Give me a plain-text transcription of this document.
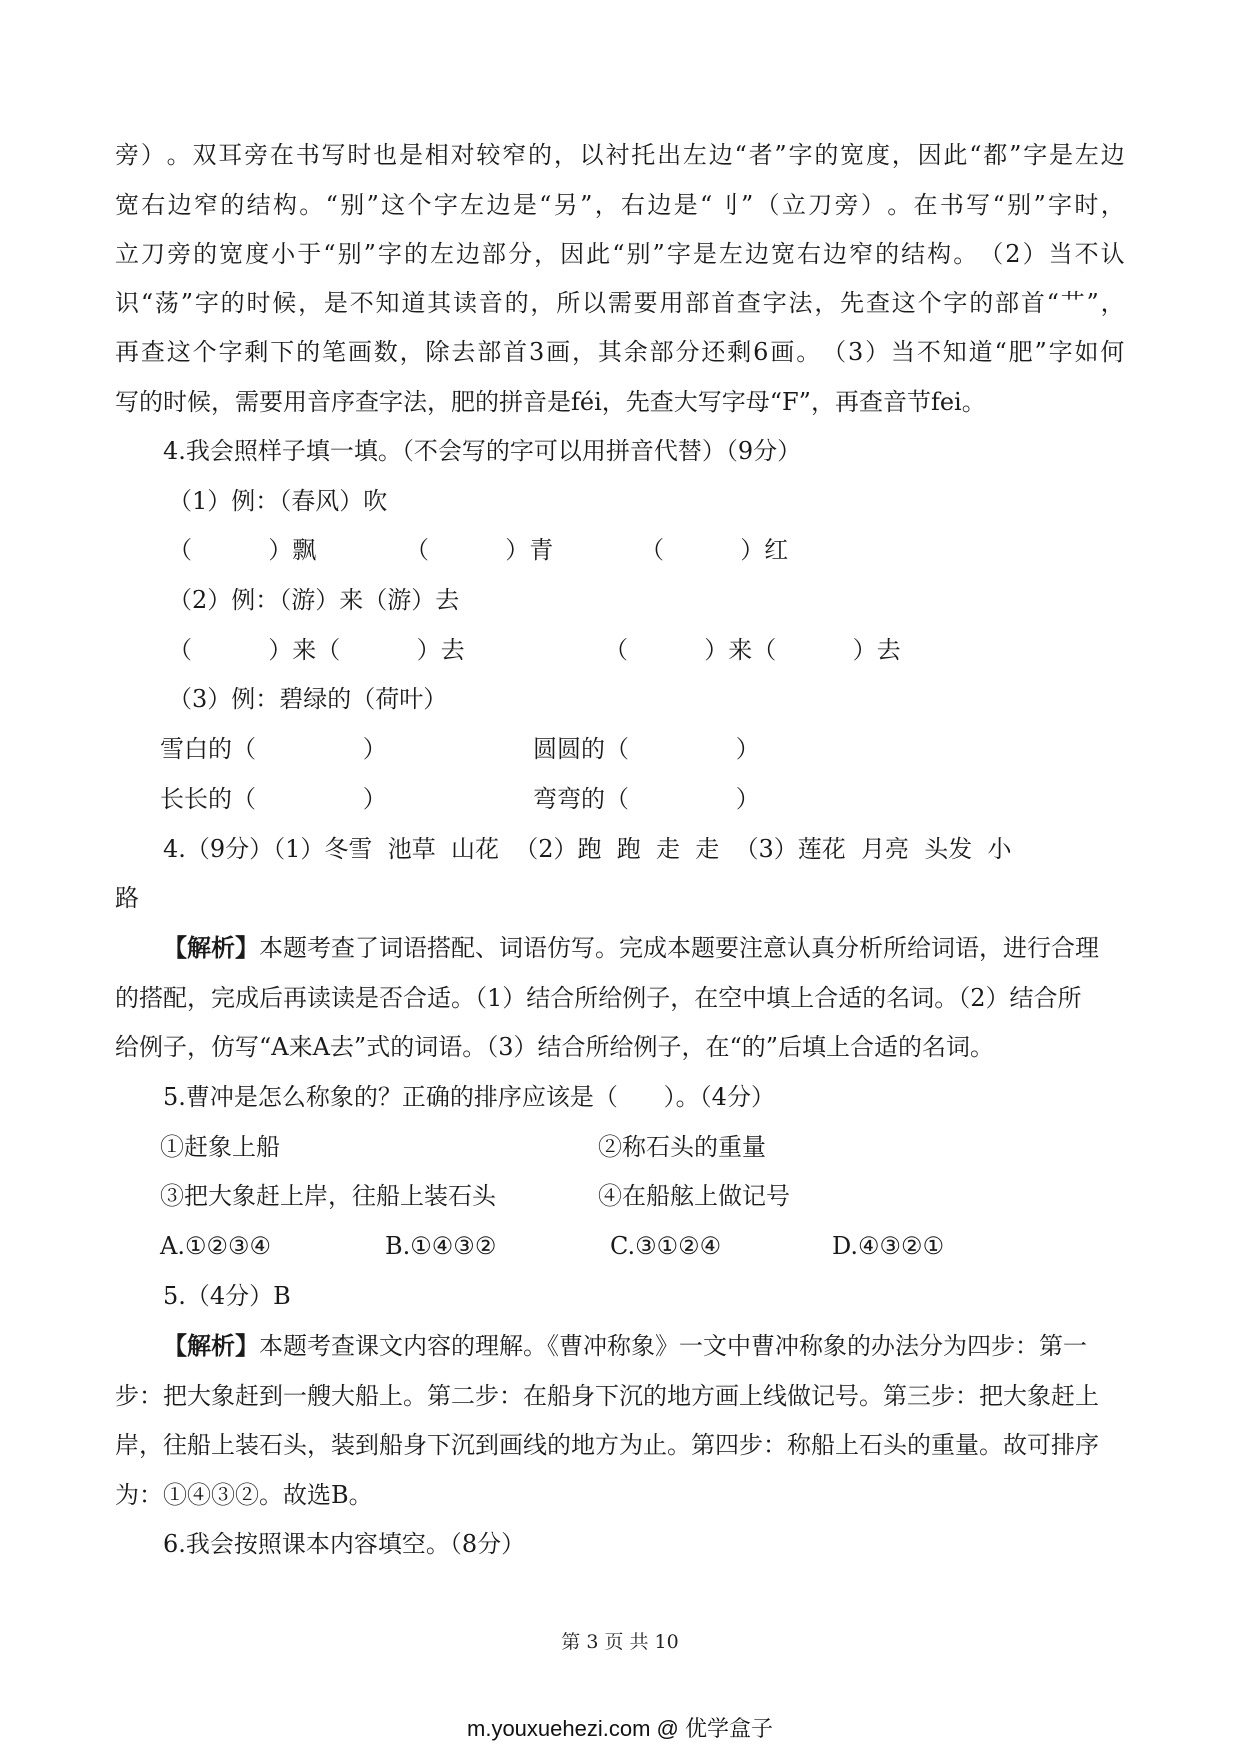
旁 ） 。 双 耳 旁 在 书 写 时 也 是 相 对 较 窄 的 ， 以 衬 托 出 左 边 “ 者 ” 字 的 宽 度 ， 因 此 “ 都 ” 字 是 左 边
宽 右 边 窄 的 结 构 。 “ 别 ” 这 个 字 左 边 是 “ 另 ” ， 右 边 是 “ 刂 ” （ 立 刀 旁 ） 。 在 书 写 “ 别 ” 字 时 ，
立 刀 旁 的 宽 度 小 于 “ 别 ” 字 的 左 边 部 分 ， 因 此 “ 别 ” 字 是 左 边 宽 右 边 窄 的 结 构 。 （ 2 ） 当 不 认
识 “ 荡 ” 字 的 时 候 ， 是 不 知 道 其 读 音 的 ， 所 以 需 要 用 部 首 查 字 法 ， 先 查 这 个 字 的 部 首 “ 艹 ” ，
再 查 这 个 字 剩 下 的 笔 画 数 ， 除 去 部 首 3 画 ， 其 余 部 分 还 剩 6 画 。 （ 3 ） 当 不 知 道 “ 肥 ” 字 如 何
写的时候，需要用音序查字法，肥的拼音是féi，先查大写字母“F”，再查音节fei。
4.我会照样子填一填。（不会写的字可以用拼音代替）（9分）
（1）例：（春风）吹
（          ）飘	（          ）青	（          ）红
（2）例：（游）来（游）去
（          ）来（          ）去	（          ）来（          ）去
（3）例：碧绿的（荷叶）
雪白的（              ）	圆圆的（              ）
长长的（              ）	弯弯的（              ）
4.（9分）（1）冬雪  池草  山花  （2）跑  跑  走  走  （3）莲花  月亮  头发  小
路
【解析】本题考查了词语搭配、词语仿写。完成本题要注意认真分析所给词语，进行合理
的搭配，完成后再读读是否合适。（1）结合所给例子，在空中填上合适的名词。（2）结合所
给例子，仿写“A来A去”式的词语。（3）结合所给例子，在“的”后填上合适的名词。
5.曹冲是怎么称象的？正确的排序应该是（      ）。（4分）
①赶象上船	②称石头的重量
③把大象赶上岸，往船上装石头	④在船舷上做记号
A.①②③④	B.①④③②	C.③①②④	D.④③②①
5.（4分）B
【解析】本题考查课文内容的理解。《曹冲称象》一文中曹冲称象的办法分为四步：第一
步：把大象赶到一艘大船上。第二步：在船身下沉的地方画上线做记号。第三步：把大象赶上
岸，往船上装石头，装到船身下沉到画线的地方为止。第四步：称船上石头的重量。故可排序
为：①④③②。故选B。
6.我会按照课本内容填空。（8分）
第 3 页 共 10
m.youxuehezi.com @ 优学盒子
